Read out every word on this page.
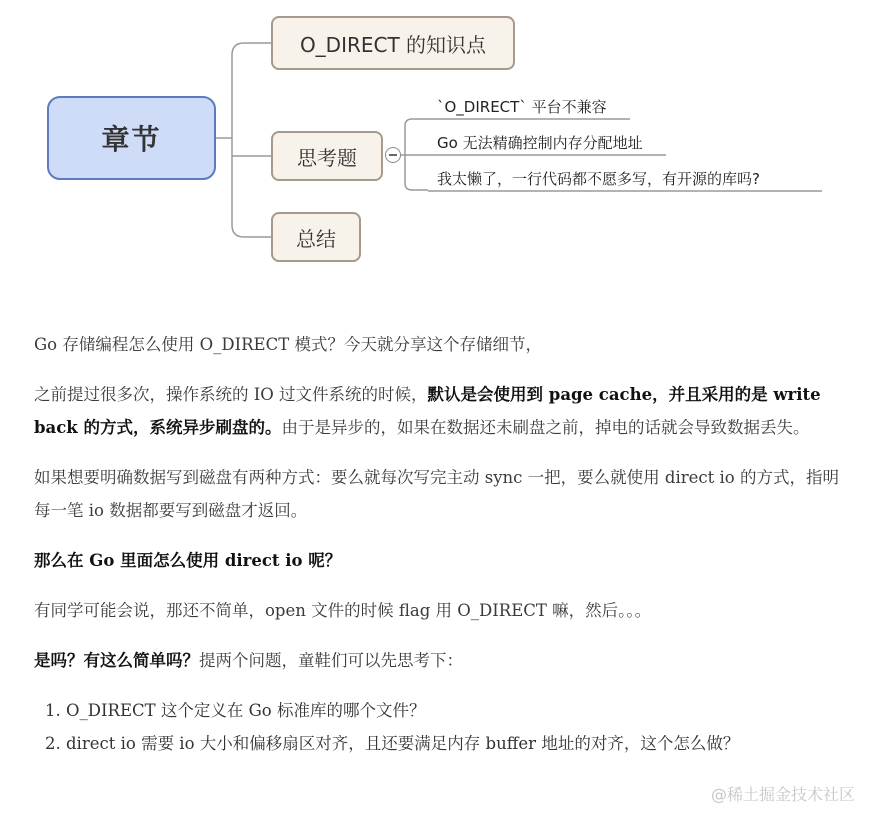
章节
O_DIRECT 的知识点
思考题
总结
`O_DIRECT` 平台不兼容
Go 无法精确控制内存分配地址
我太懒了，一行代码都不愿多写，有开源的库吗?

Go 存储编程怎么使用 O_DIRECT 模式？今天就分享这个存储细节，

之前提过很多次，操作系统的 IO 过文件系统的时候，默认是会使用到 page cache，并且采用的是 write back 的方式，系统异步刷盘的。由于是异步的，如果在数据还未刷盘之前，掉电的话就会导致数据丢失。

如果想要明确数据写到磁盘有两种方式：要么就每次写完主动 sync 一把，要么就使用 direct io 的方式，指明每一笔 io 数据都要写到磁盘才返回。

那么在 Go 里面怎么使用 direct io 呢？

有同学可能会说，那还不简单，open 文件的时候 flag 用 O_DIRECT 嘛，然后。。。

是吗？有这么简单吗？提两个问题，童鞋们可以先思考下：

1. O_DIRECT 这个定义在 Go 标准库的哪个文件？
2. direct io 需要 io 大小和偏移扇区对齐，且还要满足内存 buffer 地址的对齐，这个怎么做？
@稀土掘金技术社区
